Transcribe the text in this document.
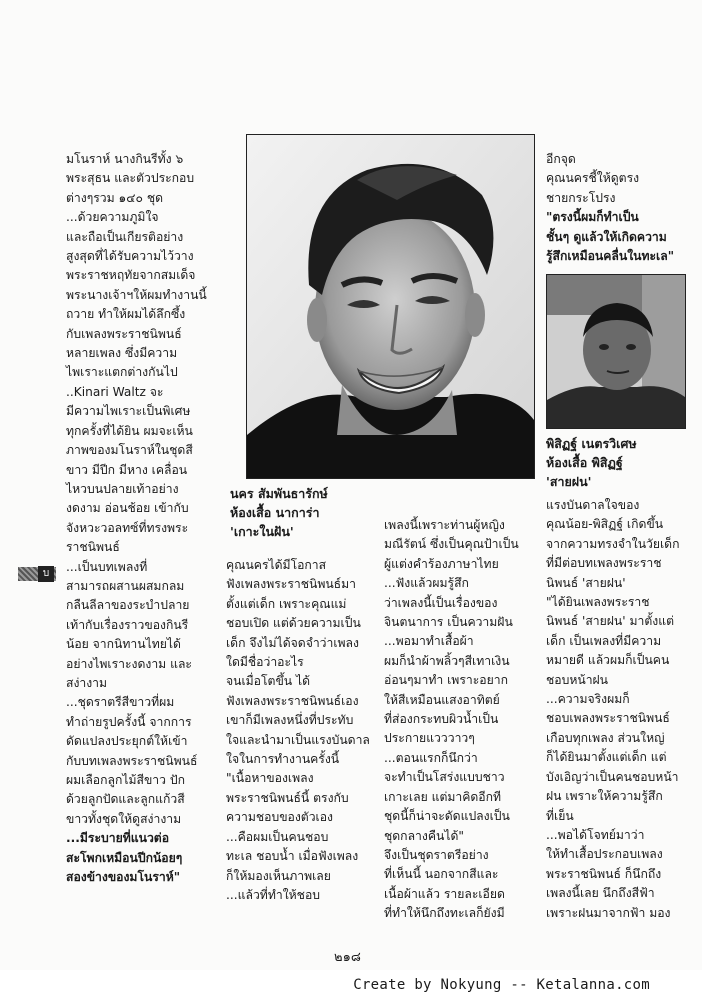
มโนราห์ นางกินรีทั้ง ๖

พระสุธน และตัวประกอบ

ต่างๆรวม ๑๔๐ ชุด

...ด้วยความภูมิใจ

และถือเป็นเกียรติอย่าง

สูงสุดที่ได้รับความไว้วาง

พระราชหฤทัยจากสมเด็จ

พระนางเจ้าฯให้ผมทำงานนี้

ถวาย ทำให้ผมได้ลึกซึ้ง

กับเพลงพระราชนิพนธ์

หลายเพลง ซึ่งมีความ

ไพเราะแตกต่างกันไป

..Kinari Waltz จะ

มีความไพเราะเป็นพิเศษ

ทุกครั้งที่ได้ยิน ผมจะเห็น

ภาพของมโนราห์ในชุดสี

ขาว มีปีก มีหาง เคลื่อน

ไหวบนปลายเท้าอย่าง

งดงาม อ่อนช้อย เข้ากับ

จังหวะวอลทซ์ที่ทรงพระ

ราชนิพนธ์

...เป็นบทเพลงที่

สามารถผสานผสมกลม

กลืนลีลาของระบำปลาย

เท้ากับเรื่องราวของกินรี

น้อย จากนิทานไทยได้

อย่างไพเราะงดงาม และ

สง่างาม

...ชุดราตรีสีขาวที่ผม

ทำถ่ายรูปครั้งนี้ จากการ

ดัดแปลงประยุกต์ให้เข้า

กับบทเพลงพระราชนิพนธ์

ผมเลือกลูกไม้สีขาว ปัก

ด้วยลูกปัดและลูกแก้วสี

ขาวทั้งชุดให้ดูสง่างาม

...มีระบายที่แนวต่อ

สะโพกเหมือนปีกน้อยๆ

สองข้างของมโนราห์"

นคร สัมพันธารักษ์
ห้องเสื้อ นาการ่า
'เกาะในฝัน'

คุณนครได้มีโอกาส

ฟังเพลงพระราชนิพนธ์มา

ตั้งแต่เด็ก เพราะคุณแม่

ชอบเปิด แต่ด้วยความเป็น

เด็ก จึงไม่ได้จดจำว่าเพลง

ใดมีชื่อว่าอะไร

จนเมื่อโตขึ้น ได้

ฟังเพลงพระราชนิพนธ์เอง

เขาก็มีเพลงหนึ่งที่ประทับ

ใจและนำมาเป็นแรงบันดาล

ใจในการทำงานครั้งนี้

"เนื้อหาของเพลง

พระราชนิพนธ์นี้ ตรงกับ

ความชอบของตัวเอง

...คือผมเป็นคนชอบ

ทะเล ชอบน้ำ เมื่อฟังเพลง

ก็ให้มองเห็นภาพเลย

...แล้วที่ทำให้ชอบ

เพลงนี้เพราะท่านผู้หญิง

มณีรัตน์ ซึ่งเป็นคุณป้าเป็น

ผู้แต่งคำร้องภาษาไทย

...ฟังแล้วผมรู้สึก

ว่าเพลงนี้เป็นเรื่องของ

จินตนาการ เป็นความฝัน

...พอมาทำเสื้อผ้า

ผมก็นำผ้าพลิ้วๆสีเทาเงิน

อ่อนๆมาทำ เพราะอยาก

ให้สีเหมือนแสงอาทิตย์

ที่ส่องกระทบผิวน้ำเป็น

ประกายแวววาวๆ

...ตอนแรกก็นึกว่า

จะทำเป็นโสร่งแบบชาว

เกาะเลย แต่มาคิดอีกที

ชุดนี้ก็น่าจะดัดแปลงเป็น

ชุดกลางคืนได้"

จึงเป็นชุดราตรีอย่าง

ที่เห็นนี้ นอกจากสีและ

เนื้อผ้าแล้ว รายละเอียด

ที่ทำให้นึกถึงทะเลก็ยังมี

อีกจุด

คุณนครชี้ให้ดูตรง

ชายกระโปรง

"ตรงนี้ผมก็ทำเป็น

ชั้นๆ ดูแล้วให้เกิดความ

รู้สึกเหมือนคลื่นในทะเล"

พิสิฏฐ์ เนตรวิเศษ
ห้องเสื้อ พิสิฏฐ์
'สายฝน'

แรงบันดาลใจของ

คุณน้อย-พิสิฏฐ์ เกิดขึ้น

จากความทรงจำในวัยเด็ก

ที่มีต่อบทเพลงพระราช

นิพนธ์ 'สายฝน'

"ได้ยินเพลงพระราช

นิพนธ์ 'สายฝน' มาตั้งแต่

เด็ก เป็นเพลงที่มีความ

หมายดี แล้วผมก็เป็นคน

ชอบหน้าฝน

...ความจริงผมก็

ชอบเพลงพระราชนิพนธ์

เกือบทุกเพลง ส่วนใหญ่

ก็ได้ยินมาตั้งแต่เด็ก แต่

บังเอิญว่าเป็นคนชอบหน้า

ฝน เพราะให้ความรู้สึก

ที่เย็น

...พอได้โจทย์มาว่า

ให้ทำเสื้อประกอบเพลง

พระราชนิพนธ์ ก็นึกถึง

เพลงนี้เลย นึกถึงสีฟ้า

เพราะฝนมาจากฟ้า มอง

บ
๒๑๘
Create by Nokyung -- Ketalanna.com
